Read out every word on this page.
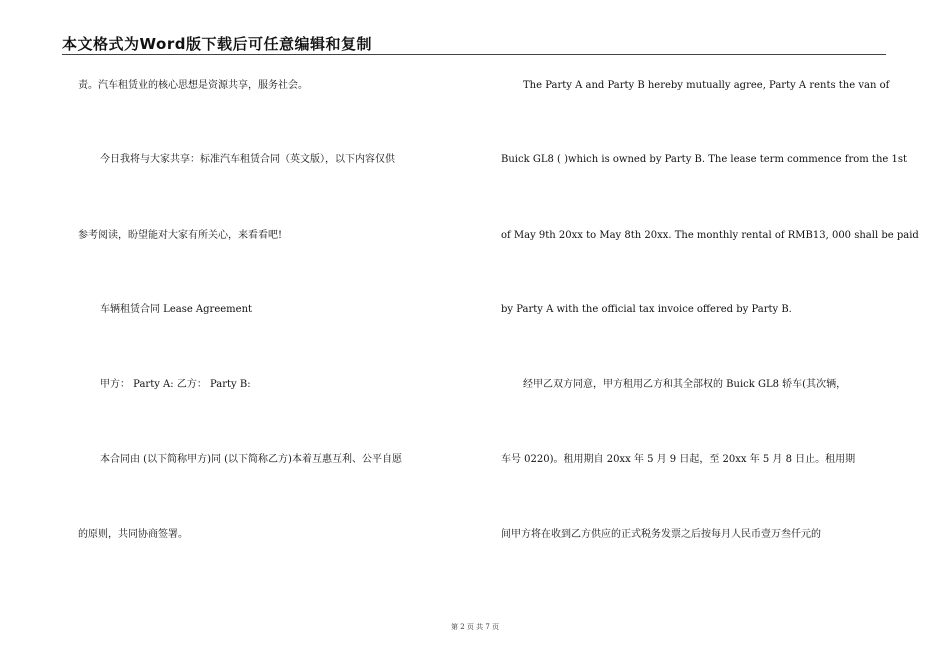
本文格式为Word版下载后可任意编辑和复制
责。汽车租赁业的核心思想是资源共享，服务社会。
今日我将与大家共享：标准汽车租赁合同（英文版），以下内容仅供
参考阅读，盼望能对大家有所关心，来看看吧!
车辆租赁合同 Lease Agreement
甲方： Party A: 乙方： Party B:
本合同由 (以下简称甲方)同 (以下简称乙方)本着互惠互利、公平自愿
的原则，共同协商签署。
The Party A and Party B hereby mutually agree, Party A rents the van of
Buick GL8 ( )which is owned by Party B. The lease term commence from the 1st
of May 9th 20xx to May 8th 20xx. The monthly rental of RMB13, 000 shall be paid
by Party A with the official tax invoice offered by Party B.
经甲乙双方同意，甲方租用乙方和其全部权的 Buick GL8 轿车(其次辆，
车号 0220)。租用期自 20xx 年 5 月 9 日起，至 20xx 年 5 月 8 日止。租用期
间甲方将在收到乙方供应的正式税务发票之后按每月人民币壹万叁仟元的
第 2 页 共 7 页
